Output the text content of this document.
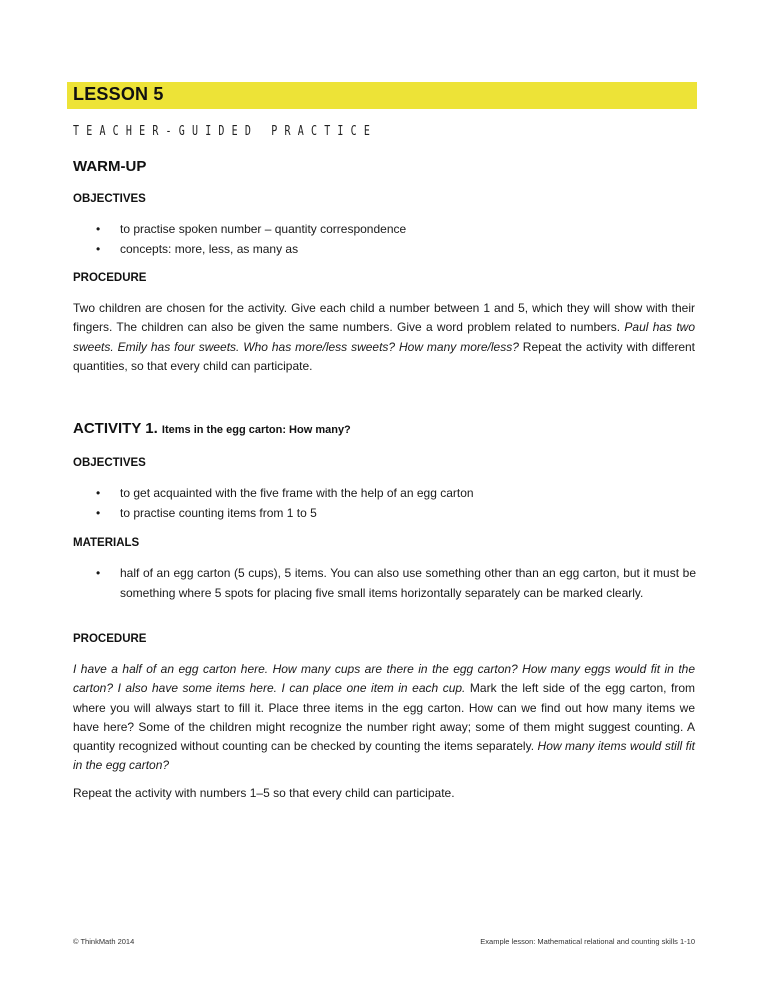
LESSON 5
TEACHER-GUIDED PRACTICE
WARM-UP
OBJECTIVES
• to practise spoken number – quantity correspondence
• concepts: more, less, as many as
PROCEDURE
Two children are chosen for the activity. Give each child a number between 1 and 5, which they will show with their fingers. The children can also be given the same numbers. Give a word problem related to numbers. Paul has two sweets. Emily has four sweets. Who has more/less sweets? How many more/less? Repeat the activity with different quantities, so that every child can participate.
ACTIVITY 1. Items in the egg carton: How many?
OBJECTIVES
• to get acquainted with the five frame with the help of an egg carton
• to practise counting items from 1 to 5
MATERIALS
• half of an egg carton (5 cups), 5 items. You can also use something other than an egg carton, but it must be something where 5 spots for placing five small items horizontally separately can be marked clearly.
PROCEDURE
I have a half of an egg carton here. How many cups are there in the egg carton? How many eggs would fit in the carton? I also have some items here. I can place one item in each cup. Mark the left side of the egg carton, from where you will always start to fill it. Place three items in the egg carton. How can we find out how many items we have here? Some of the children might recognize the number right away; some of them might suggest counting. A quantity recognized without counting can be checked by counting the items separately. How many items would still fit in the egg carton?
Repeat the activity with numbers 1–5 so that every child can participate.
© ThinkMath 2014	Example lesson: Mathematical relational and counting skills 1-10
